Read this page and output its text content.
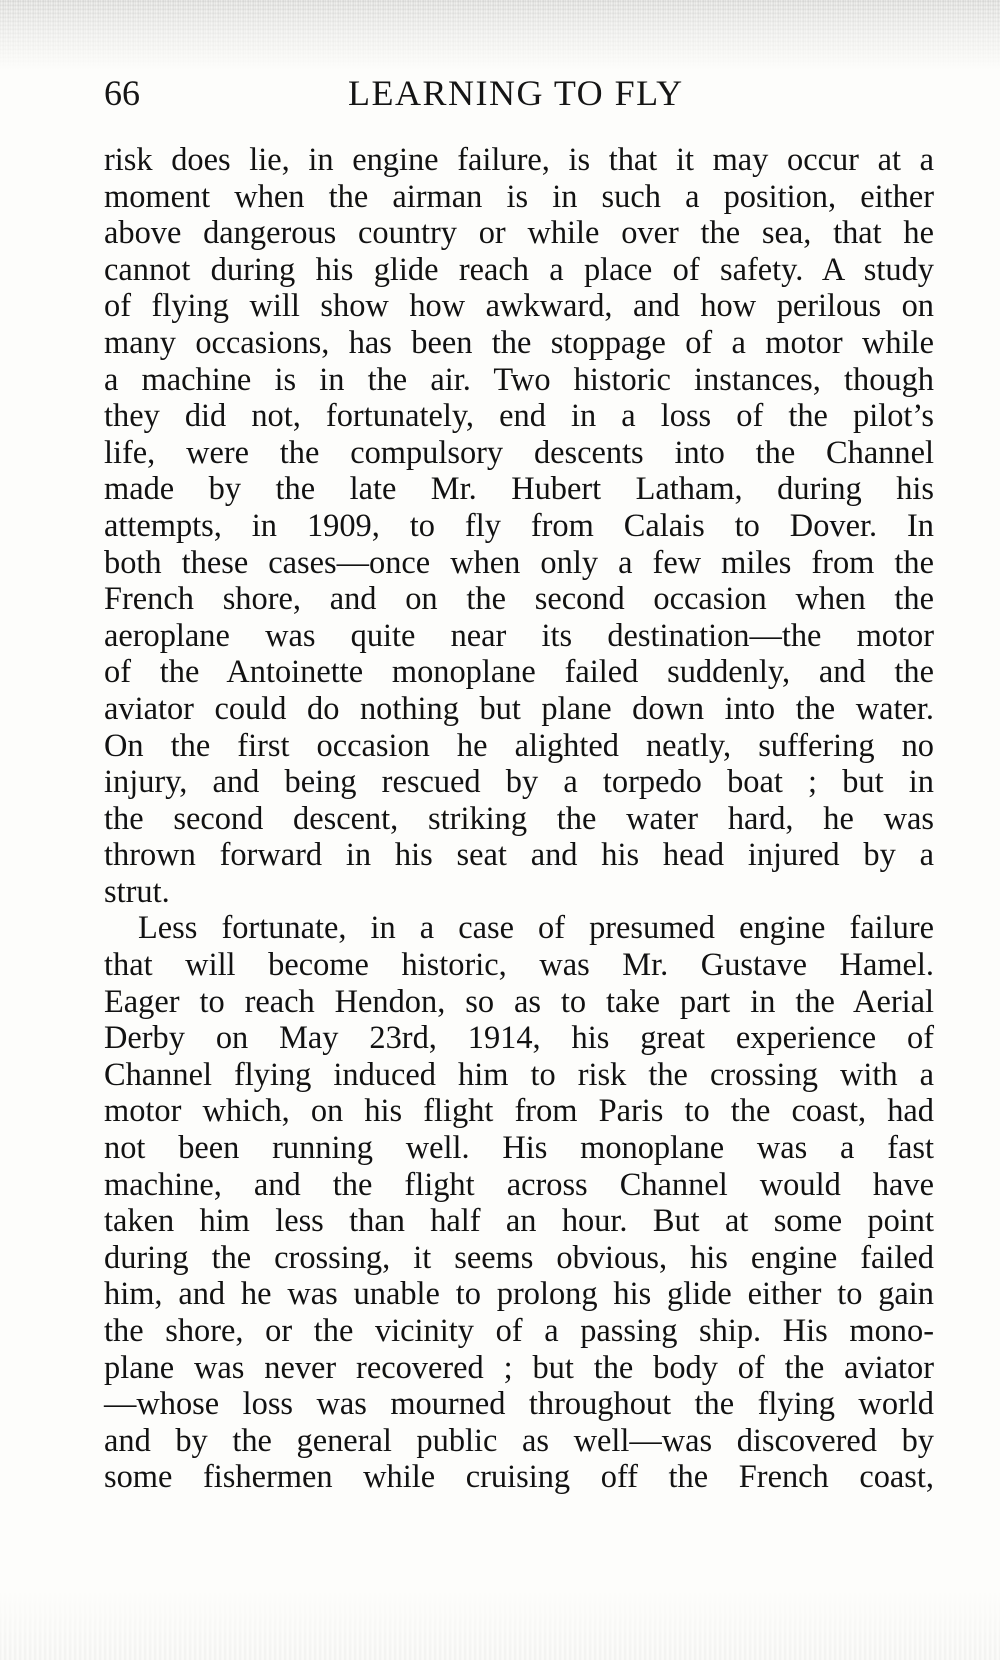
66	LEARNING TO FLY
risk does lie, in engine failure, is that it may occur at a
moment when the airman is in such a position, either
above dangerous country or while over the sea, that he
cannot during his glide reach a place of safety. A study
of flying will show how awkward, and how perilous on
many occasions, has been the stoppage of a motor while
a machine is in the air. Two historic instances, though
they did not, fortunately, end in a loss of the pilot’s
life, were the compulsory descents into the Channel
made by the late Mr. Hubert Latham, during his
attempts, in 1909, to fly from Calais to Dover. In
both these cases—once when only a few miles from the
French shore, and on the second occasion when the
aeroplane was quite near its destination—the motor
of the Antoinette monoplane failed suddenly, and the
aviator could do nothing but plane down into the water.
On the first occasion he alighted neatly, suffering no
injury, and being rescued by a torpedo boat ; but in
the second descent, striking the water hard, he was
thrown forward in his seat and his head injured by a
strut.
Less fortunate, in a case of presumed engine failure
that will become historic, was Mr. Gustave Hamel.
Eager to reach Hendon, so as to take part in the Aerial
Derby on May 23rd, 1914, his great experience of
Channel flying induced him to risk the crossing with a
motor which, on his flight from Paris to the coast, had
not been running well. His monoplane was a fast
machine, and the flight across Channel would have
taken him less than half an hour. But at some point
during the crossing, it seems obvious, his engine failed
him, and he was unable to prolong his glide either to gain
the shore, or the vicinity of a passing ship. His mono-
plane was never recovered ; but the body of the aviator
—whose loss was mourned throughout the flying world
and by the general public as well—was discovered by
some fishermen while cruising off the French coast,
